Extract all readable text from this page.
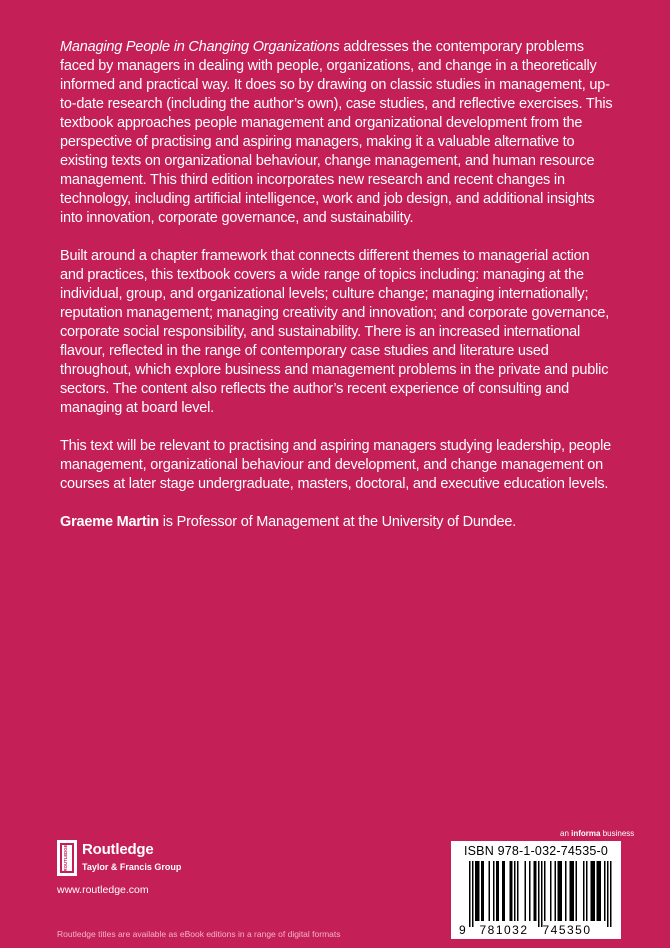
Managing People in Changing Organizations addresses the contemporary problems faced by managers in dealing with people, organizations, and change in a theoretically informed and practical way. It does so by drawing on classic studies in management, up-to-date research (including the author’s own), case studies, and reflective exercises. This textbook approaches people management and organizational development from the perspective of practising and aspiring managers, making it a valuable alternative to existing texts on organizational behaviour, change management, and human resource management. This third edition incorporates new research and recent changes in technology, including artificial intelligence, work and job design, and additional insights into innovation, corporate governance, and sustainability.

Built around a chapter framework that connects different themes to managerial action and practices, this textbook covers a wide range of topics including: managing at the individual, group, and organizational levels; culture change; managing internationally; reputation management; managing creativity and innovation; and corporate governance, corporate social responsibility, and sustainability. There is an increased international flavour, reflected in the range of contemporary case studies and literature used throughout, which explore business and management problems in the private and public sectors. The content also reflects the author’s recent experience of consulting and managing at board level.

This text will be relevant to practising and aspiring managers studying leadership, people management, organizational behaviour and development, and change management on courses at later stage undergraduate, masters, doctoral, and executive education levels.

Graeme Martin is Professor of Management at the University of Dundee.

ROUTLEDGE Routledge
Taylor & Francis Group
www.routledge.com
Routledge titles are available as eBook editions in a range of digital formats
an informa business
ISBN 978-1-032-74535-0
9 781032 745350
